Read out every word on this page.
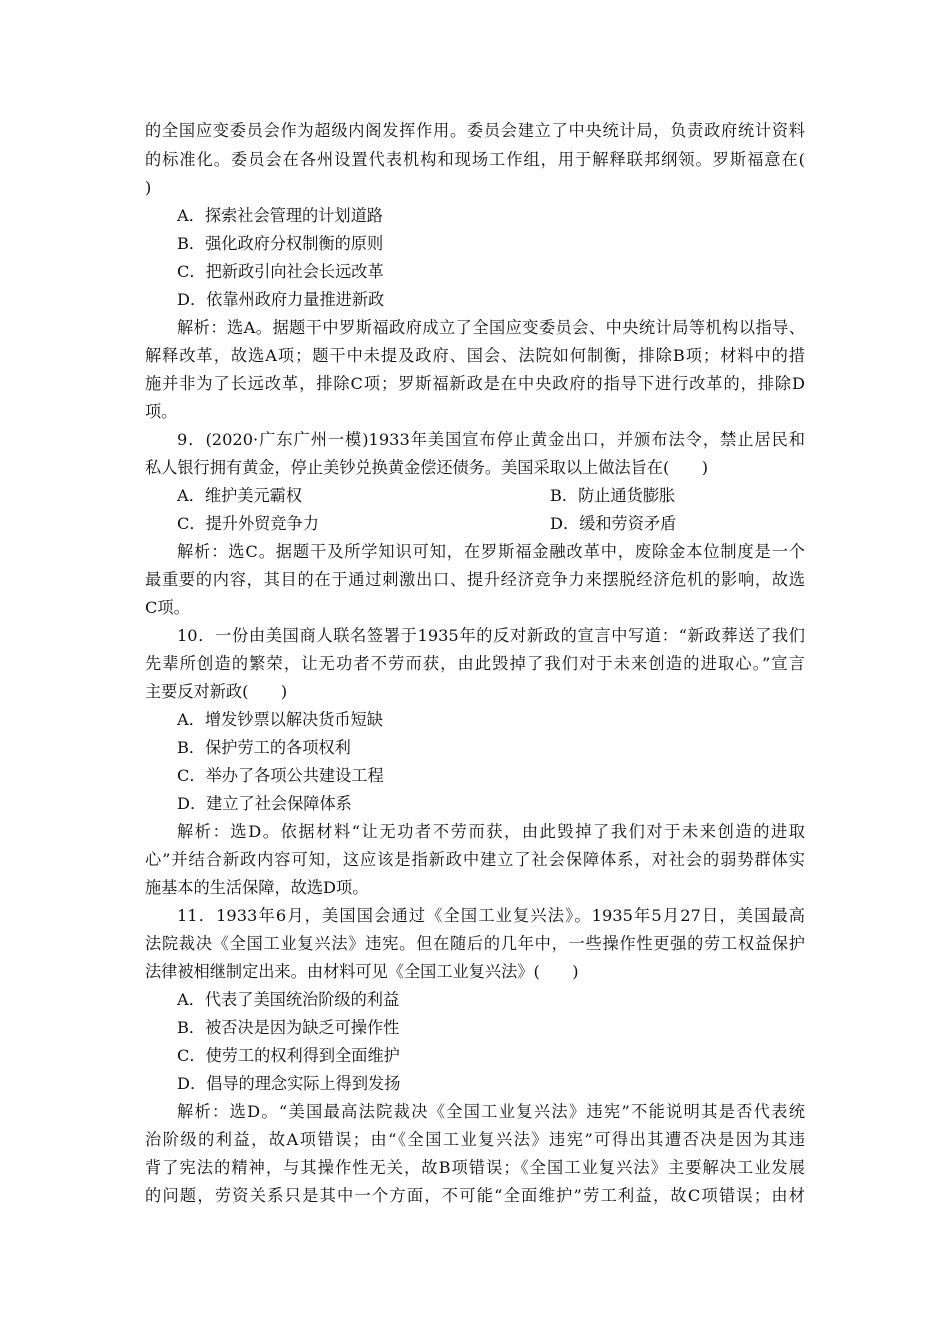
的全国应变委员会作为超级内阁发挥作用。委员会建立了中央统计局，负责政府统计资料
的标准化。委员会在各州设置代表机构和现场工作组，用于解释联邦纲领。罗斯福意在(
)
A．探索社会管理的计划道路
B．强化政府分权制衡的原则
C．把新政引向社会长远改革
D．依靠州政府力量推进新政
解析：选A。据题干中罗斯福政府成立了全国应变委员会、中央统计局等机构以指导、
解释改革，故选A项；题干中未提及政府、国会、法院如何制衡，排除B项；材料中的措
施并非为了长远改革，排除C项；罗斯福新政是在中央政府的指导下进行改革的，排除D
项。
9．(2020·广东广州一模)1933年美国宣布停止黄金出口，并颁布法令，禁止居民和
私人银行拥有黄金，停止美钞兑换黄金偿还债务。美国采取以上做法旨在(　　)
A．维护美元霸权	B．防止通货膨胀
C．提升外贸竞争力	D．缓和劳资矛盾
解析：选C。据题干及所学知识可知，在罗斯福金融改革中，废除金本位制度是一个
最重要的内容，其目的在于通过刺激出口、提升经济竞争力来摆脱经济危机的影响，故选
C项。
10．一份由美国商人联名签署于1935年的反对新政的宣言中写道：“新政葬送了我们
先辈所创造的繁荣，让无功者不劳而获，由此毁掉了我们对于未来创造的进取心。”宣言
主要反对新政(　　)
A．增发钞票以解决货币短缺
B．保护劳工的各项权利
C．举办了各项公共建设工程
D．建立了社会保障体系
解析：选D。依据材料“让无功者不劳而获，由此毁掉了我们对于未来创造的进取
心”并结合新政内容可知，这应该是指新政中建立了社会保障体系，对社会的弱势群体实
施基本的生活保障，故选D项。
11．1933年6月，美国国会通过《全国工业复兴法》。1935年5月27日，美国最高
法院裁决《全国工业复兴法》违宪。但在随后的几年中，一些操作性更强的劳工权益保护
法律被相继制定出来。由材料可见《全国工业复兴法》(　　)
A．代表了美国统治阶级的利益
B．被否决是因为缺乏可操作性
C．使劳工的权利得到全面维护
D．倡导的理念实际上得到发扬
解析：选D。“美国最高法院裁决《全国工业复兴法》违宪”不能说明其是否代表统
治阶级的利益，故A项错误；由“《全国工业复兴法》违宪”可得出其遭否决是因为其违
背了宪法的精神，与其操作性无关，故B项错误；《全国工业复兴法》主要解决工业发展
的问题，劳资关系只是其中一个方面，不可能“全面维护”劳工利益，故C项错误；由材
